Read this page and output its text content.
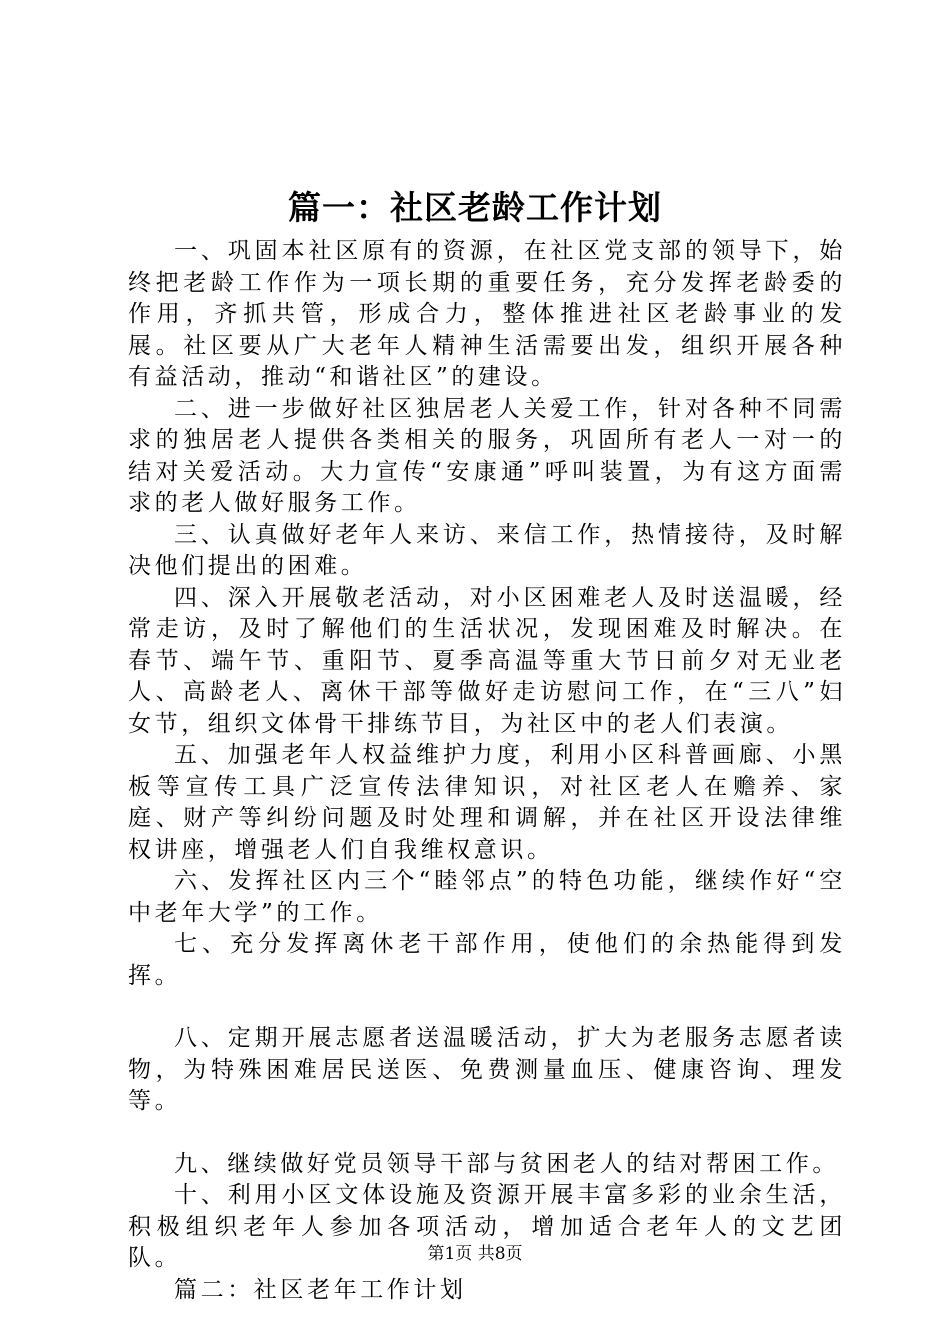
篇一：社区老龄工作计划

一、巩固本社区原有的资源，在社区党支部的领导下，始终把老龄工作作为一项长期的重要任务，充分发挥老龄委的作用，齐抓共管，形成合力，整体推进社区老龄事业的发展。社区要从广大老年人精神生活需要出发，组织开展各种有益活动，推动“和谐社区”的建设。

二、进一步做好社区独居老人关爱工作，针对各种不同需求的独居老人提供各类相关的服务，巩固所有老人一对一的结对关爱活动。大力宣传“安康通”呼叫装置，为有这方面需求的老人做好服务工作。

三、认真做好老年人来访、来信工作，热情接待，及时解决他们提出的困难。

四、深入开展敬老活动，对小区困难老人及时送温暖，经常走访，及时了解他们的生活状况，发现困难及时解决。在春节、端午节、重阳节、夏季高温等重大节日前夕对无业老人、高龄老人、离休干部等做好走访慰问工作，在“三八”妇女节，组织文体骨干排练节目，为社区中的老人们表演。

五、加强老年人权益维护力度，利用小区科普画廊、小黑板等宣传工具广泛宣传法律知识，对社区老人在赡养、家庭、财产等纠纷问题及时处理和调解，并在社区开设法律维权讲座，增强老人们自我维权意识。

六、发挥社区内三个“睦邻点”的特色功能，继续作好“空中老年大学”的工作。

七、充分发挥离休老干部作用，使他们的余热能得到发挥。

八、定期开展志愿者送温暖活动，扩大为老服务志愿者读物，为特殊困难居民送医、免费测量血压、健康咨询、理发等。

九、继续做好党员领导干部与贫困老人的结对帮困工作。

十、利用小区文体设施及资源开展丰富多彩的业余生活，积极组织老年人参加各项活动，增加适合老年人的文艺团队。

篇二：社区老年工作计划

第1页 共8页
